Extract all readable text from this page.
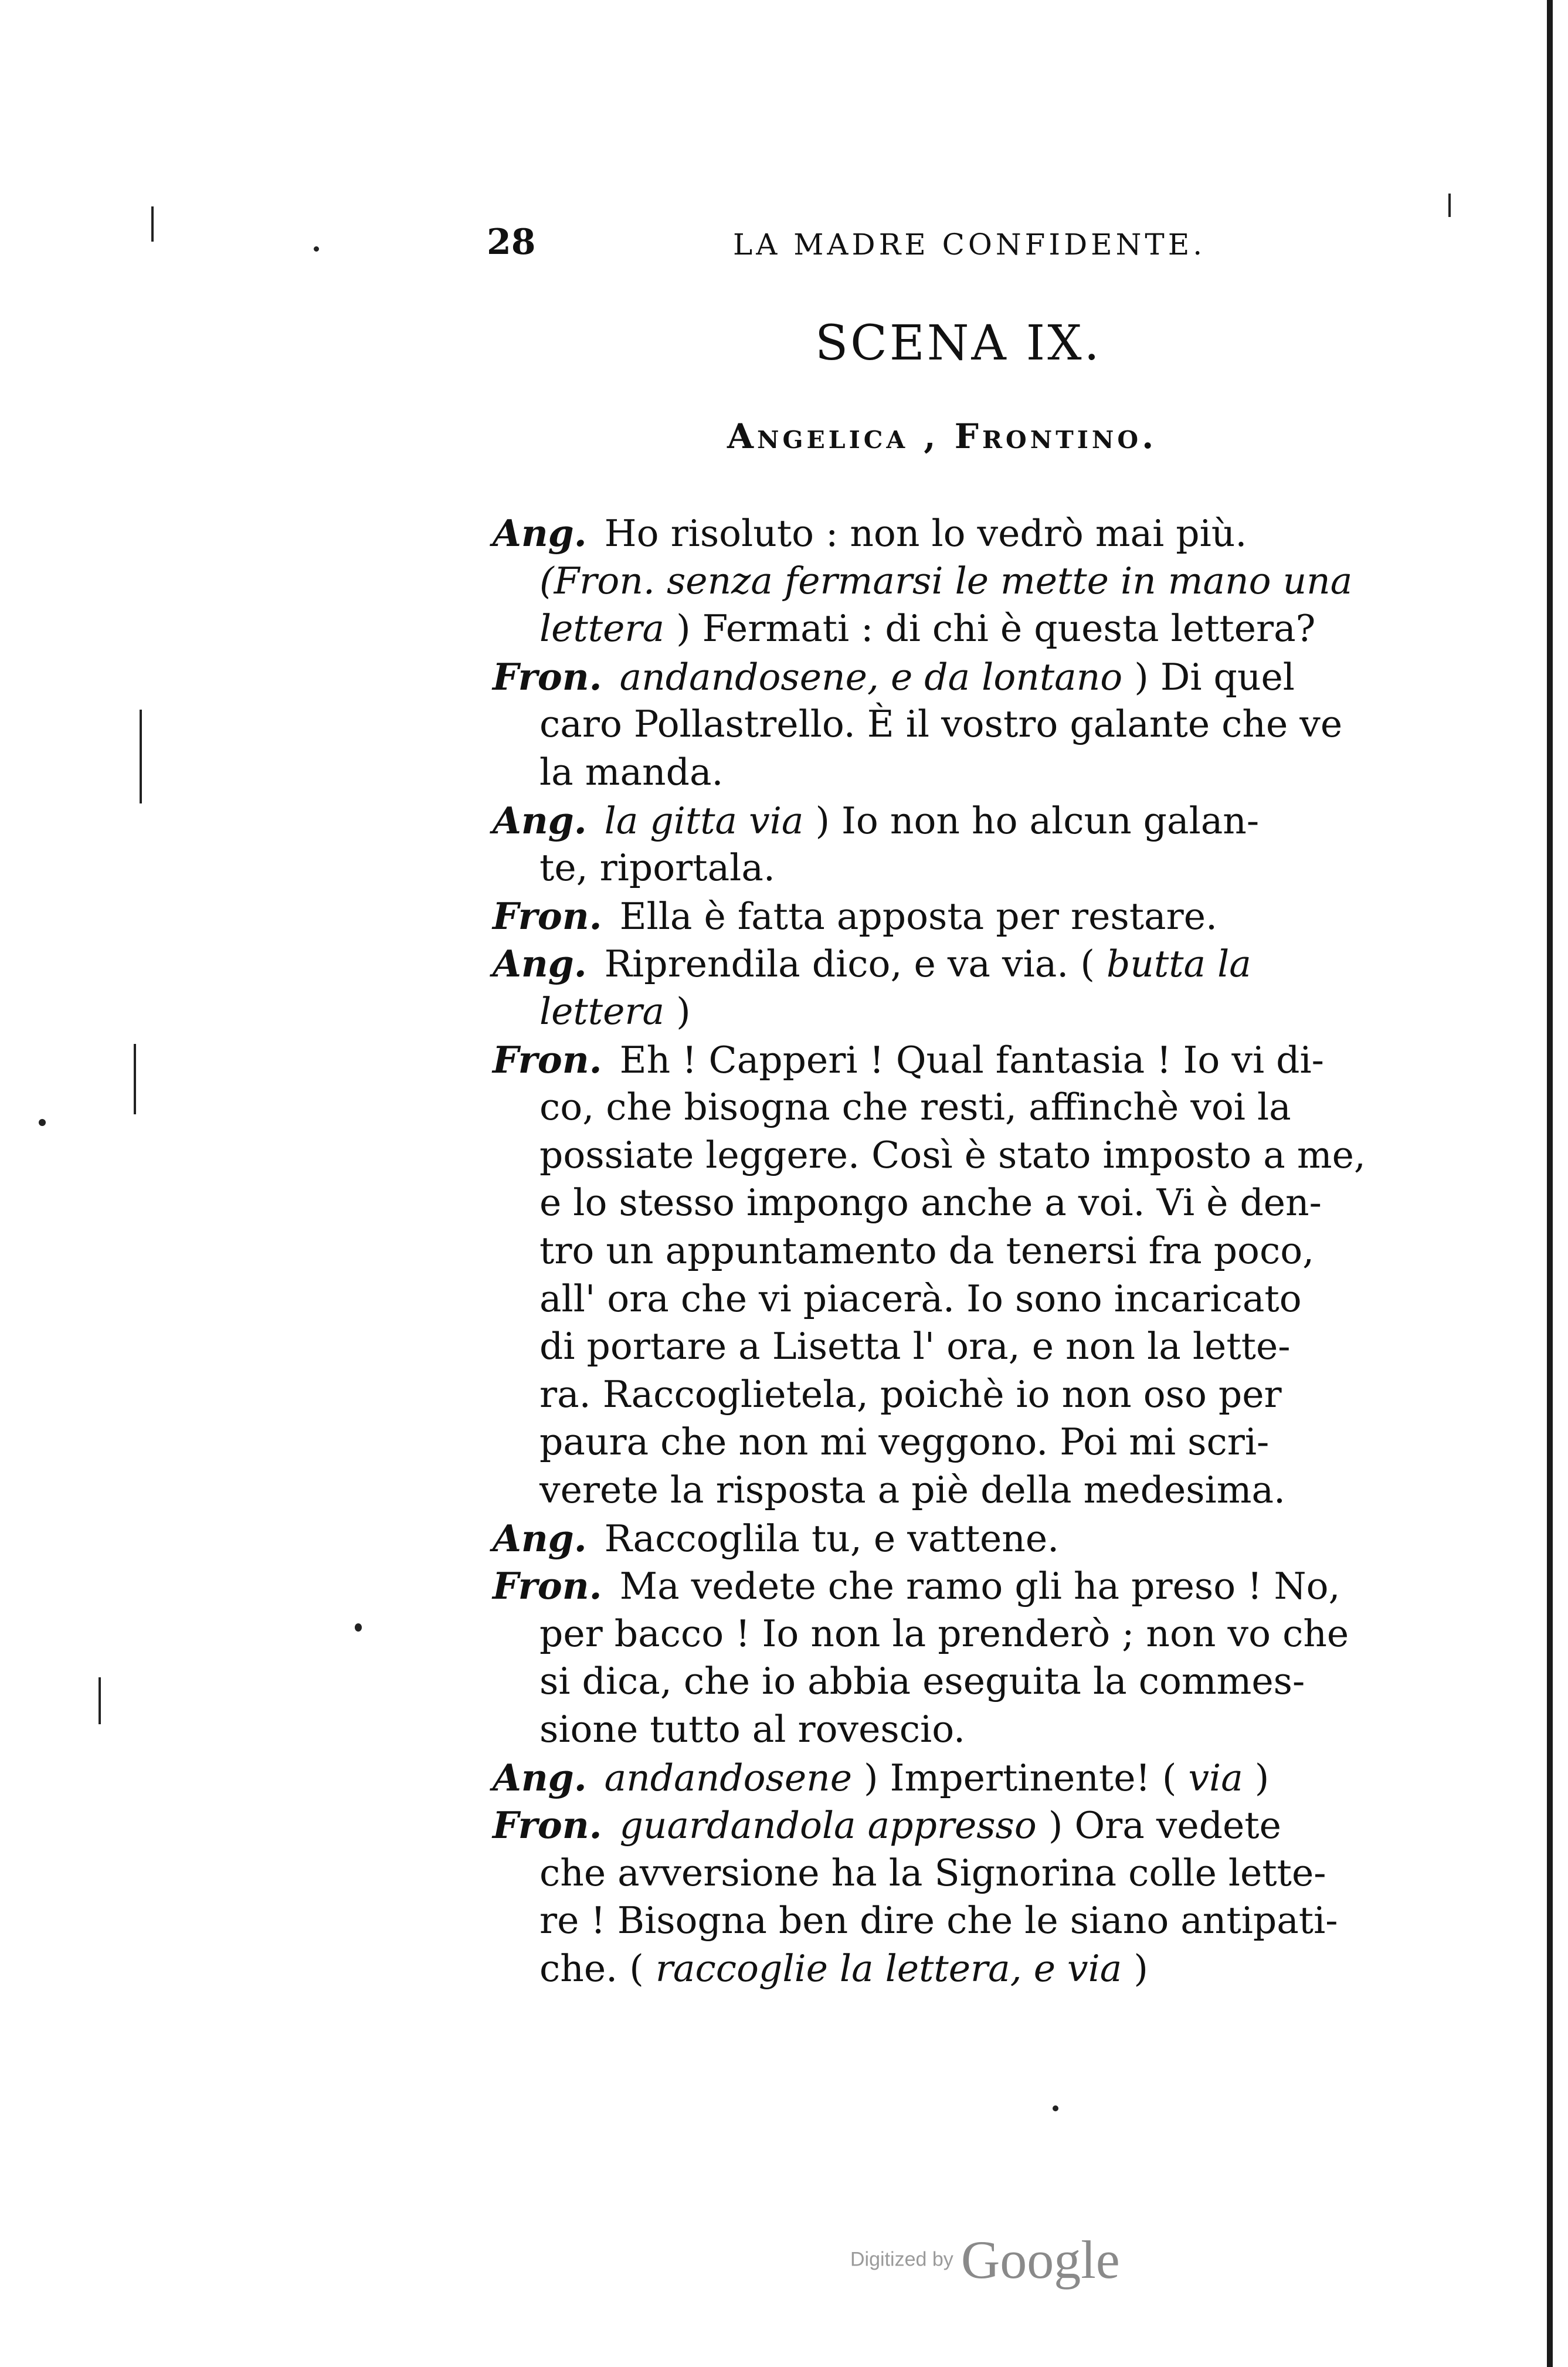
28	LA MADRE CONFIDENTE.
SCENA IX.
Angelica , Frontino.
Ang. Ho risoluto : non lo vedrò mai più.
(Fron. senza fermarsi le mette in mano una
lettera ) Fermati : di chi è questa lettera?
Fron. andandosene, e da lontano ) Di quel
caro Pollastrello. È il vostro galante che ve
la manda.
Ang. la gitta via ) Io non ho alcun galan-
te, riportala.
Fron. Ella è fatta apposta per restare.
Ang. Riprendila dico, e va via. ( butta la
lettera )
Fron. Eh ! Capperi ! Qual fantasia ! Io vi di-
co, che bisogna che resti, affinchè voi la
possiate leggere. Così è stato imposto a me,
e lo stesso impongo anche a voi. Vi è den-
tro un appuntamento da tenersi fra poco,
all' ora che vi piacerà. Io sono incaricato
di portare a Lisetta l' ora, e non la lette-
ra. Raccoglietela, poichè io non oso per
paura che non mi veggono. Poi mi scri-
verete la risposta a piè della medesima.
Ang. Raccoglila tu, e vattene.
Fron. Ma vedete che ramo gli ha preso ! No,
per bacco ! Io non la prenderò ; non vo che
si dica, che io abbia eseguita la commes-
sione tutto al rovescio.
Ang. andandosene ) Impertinente! ( via )
Fron. guardandola appresso ) Ora vedete
che avversione ha la Signorina colle lette-
re ! Bisogna ben dire che le siano antipati-
che. ( raccoglie la lettera, e via )
Digitized by Google
